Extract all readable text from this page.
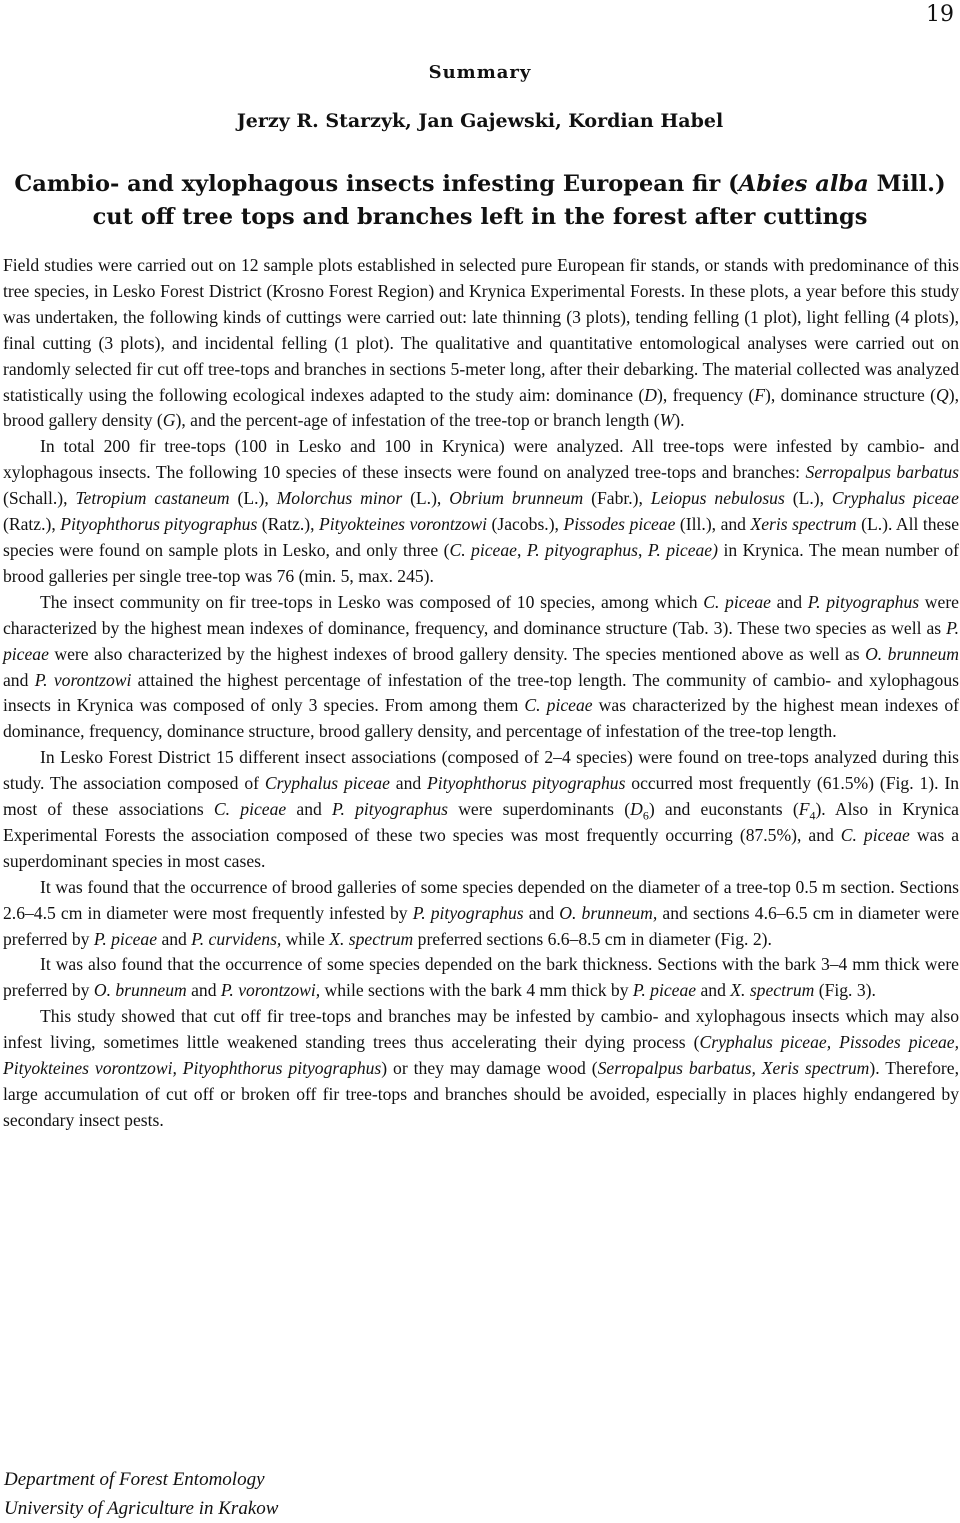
19
Summary
Jerzy R. Starzyk, Jan Gajewski, Kordian Habel
Cambio- and xylophagous insects infesting European fir (Abies alba Mill.)
cut off tree tops and branches left in the forest after cuttings

Field studies were carried out on 12 sample plots established in selected pure European fir stands, or stands with predominance of this tree species, in Lesko Forest District (Krosno Forest Region) and Krynica Experimental Forests. In these plots, a year before this study was undertaken, the following kinds of cuttings were carried out: late thinning (3 plots), tending felling (1 plot), light felling (4 plots), final cutting (3 plots), and incidental felling (1 plot). The qualitative and quantitative entomological analyses were carried out on randomly selected fir cut off tree-tops and branches in sections 5-meter long, after their debarking. The material collected was analyzed statistically using the following ecological indexes adapted to the study aim: dominance (D), frequency (F), dominance structure (Q), brood gallery density (G), and the percent-age of infestation of the tree-top or branch length (W).

In total 200 fir tree-tops (100 in Lesko and 100 in Krynica) were analyzed. All tree-tops were infested by cambio- and xylophagous insects. The following 10 species of these insects were found on analyzed tree-tops and branches: Serropalpus barbatus (Schall.), Tetropium castaneum (L.), Molorchus minor (L.), Obrium brunneum (Fabr.), Leiopus nebulosus (L.), Cryphalus piceae (Ratz.), Pityophthorus pityographus (Ratz.), Pityokteines vorontzowi (Jacobs.), Pissodes piceae (Ill.), and Xeris spectrum (L.). All these species were found on sample plots in Lesko, and only three (C. piceae, P. pityographus, P. piceae) in Krynica. The mean number of brood galleries per single tree-top was 76 (min. 5, max. 245).

The insect community on fir tree-tops in Lesko was composed of 10 species, among which C. piceae and P. pityographus were characterized by the highest mean indexes of dominance, frequency, and dominance structure (Tab. 3). These two species as well as P. piceae were also characterized by the highest indexes of brood gallery density. The species mentioned above as well as O. brunneum and P. vorontzowi attained the highest percentage of infestation of the tree-top length. The community of cambio- and xylophagous insects in Krynica was composed of only 3 species. From among them C. piceae was characterized by the highest mean indexes of dominance, frequency, dominance structure, brood gallery density, and percentage of infestation of the tree-top length.

In Lesko Forest District 15 different insect associations (composed of 2–4 species) were found on tree-tops analyzed during this study. The association composed of Cryphalus piceae and Pityophthorus pityographus occurred most frequently (61.5%) (Fig. 1). In most of these associations C. piceae and P. pityographus were superdominants $(D_6)$ and euconstants $(F_4)$. Also in Krynica Experimental Forests the association composed of these two species was most frequently occurring (87.5%), and C. piceae was a superdominant species in most cases.

It was found that the occurrence of brood galleries of some species depended on the diameter of a tree-top 0.5 m section. Sections 2.6–4.5 cm in diameter were most frequently infested by P. pityographus and O. brunneum, and sections 4.6–6.5 cm in diameter were preferred by P. piceae and P. curvidens, while X. spectrum preferred sections 6.6–8.5 cm in diameter (Fig. 2).

It was also found that the occurrence of some species depended on the bark thickness. Sections with the bark 3–4 mm thick were preferred by O. brunneum and P. vorontzowi, while sections with the bark 4 mm thick by P. piceae and X. spectrum (Fig. 3).

This study showed that cut off fir tree-tops and branches may be infested by cambio- and xylophagous insects which may also infest living, sometimes little weakened standing trees thus accelerating their dying process (Cryphalus piceae, Pissodes piceae, Pityokteines vorontzowi, Pityophthorus pityographus) or they may damage wood (Serropalpus barbatus, Xeris spectrum). Therefore, large accumulation of cut off or broken off fir tree-tops and branches should be avoided, especially in places highly endangered by secondary insect pests.

Department of Forest Entomology
University of Agriculture in Krakow
